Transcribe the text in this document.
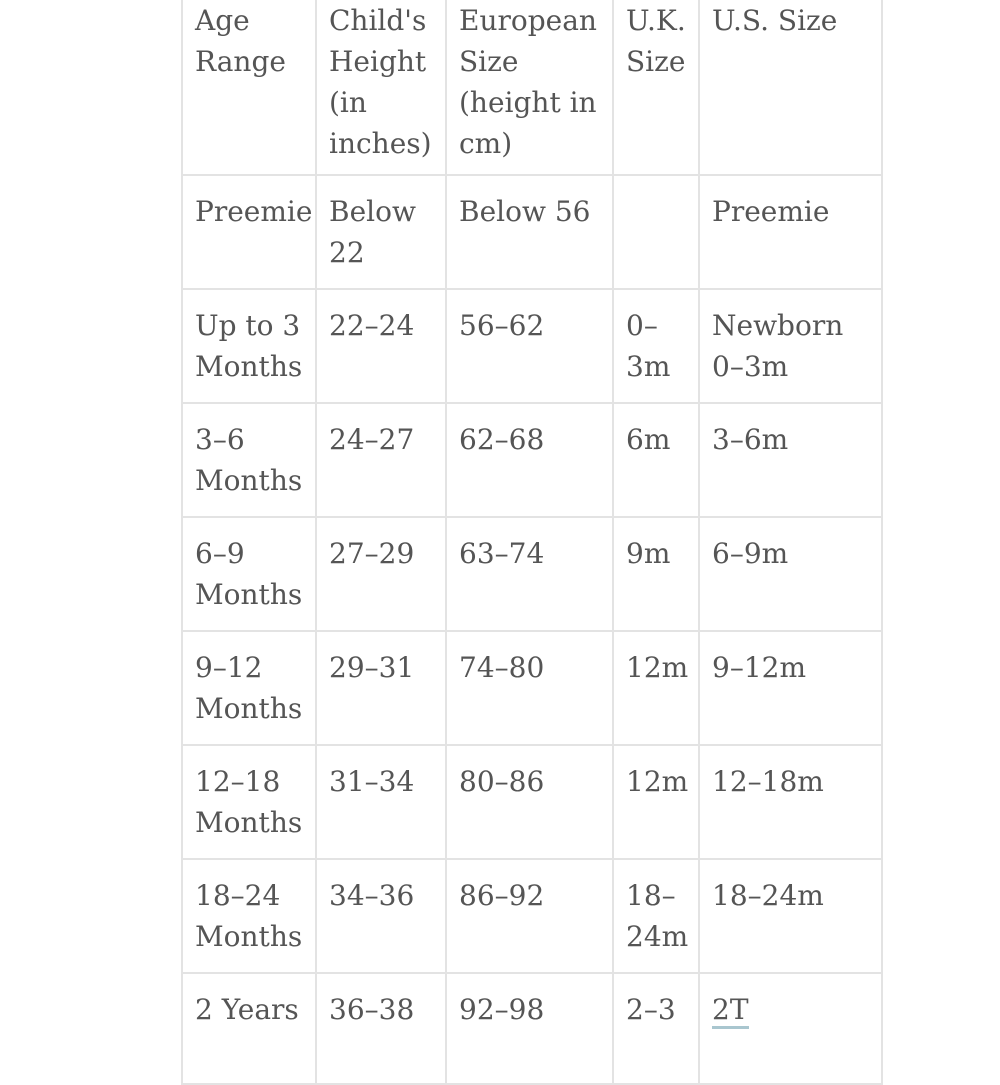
Age Range	Child's Height (in inches)	European Size (height in cm)	U.K. Size	U.S. Size
Preemie	Below 22	Below 56		Preemie
Up to 3 Months	22–24	56–62	0–3m	Newborn 0–3m
3–6 Months	24–27	62–68	6m	3–6m
6–9 Months	27–29	63–74	9m	6–9m
9–12 Months	29–31	74–80	12m	9–12m
12–18 Months	31–34	80–86	12m	12–18m
18–24 Months	34–36	86–92	18–24m	18–24m
2 Years	36–38	92–98	2–3	2T
